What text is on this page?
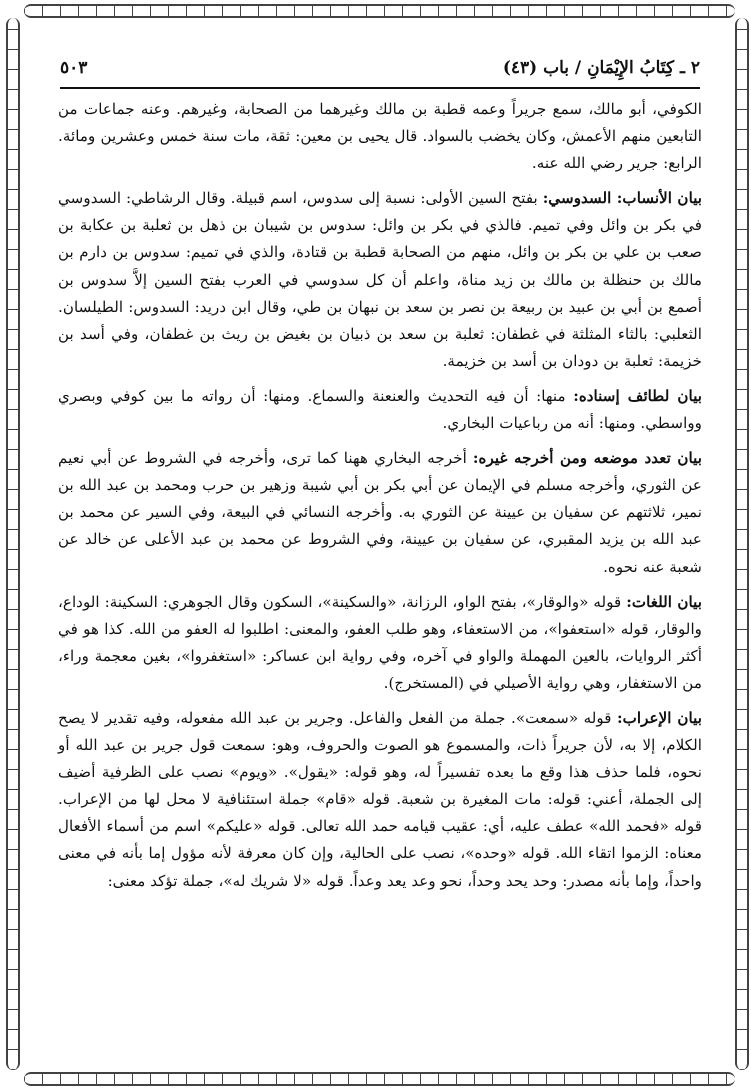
٢ ـ كِتَابُ الإِيْمَانِ / باب (٤٣)
٥٠٣

الكوفي، أبو مالك، سمع جريراً وعمه قطبة بن مالك وغيرهما من الصحابة، وغيرهم. وعنه جماعات من التابعين منهم الأعمش، وكان يخضب بالسواد. قال يحيى بن معين: ثقة، مات سنة خمس وعشرين ومائة. الرابع: جرير رضي الله عنه.

بيان الأنساب: السدوسي: بفتح السين الأولى: نسبة إلى سدوس، اسم قبيلة. وقال الرشاطي: السدوسي في بكر بن وائل وفي تميم. فالذي في بكر بن وائل: سدوس بن شيبان بن ذهل بن ثعلبة بن عكابة بن صعب بن علي بن بكر بن وائل، منهم من الصحابة قطبة بن قتادة، والذي في تميم: سدوس بن دارم بن مالك بن حنظلة بن مالك بن زيد مناة، واعلم أن كل سدوسي في العرب بفتح السين إلاَّ سدوس بن أصمع بن أبي بن عبيد بن ربيعة بن نصر بن سعد بن نبهان بن طي، وقال ابن دريد: السدوس: الطيلسان. الثعلبي: بالثاء المثلثة في غطفان: ثعلبة بن سعد بن ذبيان بن بغيض بن ريث بن غطفان، وفي أسد بن خزيمة: ثعلبة بن دودان بن أسد بن خزيمة.

بيان لطائف إسناده: منها: أن فيه التحديث والعنعنة والسماع. ومنها: أن رواته ما بين كوفي وبصري وواسطي. ومنها: أنه من رباعيات البخاري.

بيان تعدد موضعه ومن أخرجه غيره: أخرجه البخاري ههنا كما ترى، وأخرجه في الشروط عن أبي نعيم عن الثوري، وأخرجه مسلم في الإيمان عن أبي بكر بن أبي شيبة وزهير بن حرب ومحمد بن عبد الله بن نمير، ثلاثتهم عن سفيان بن عيينة عن الثوري به. وأخرجه النسائي في البيعة، وفي السير عن محمد بن عبد الله بن يزيد المقبري، عن سفيان بن عيينة، وفي الشروط عن محمد بن عبد الأعلى عن خالد عن شعبة عنه نحوه.

بيان اللغات: قوله «والوقار»، بفتح الواو، الرزانة، «والسكينة»، السكون وقال الجوهري: السكينة: الوداع، والوقار، قوله «استعفوا»، من الاستعفاء، وهو طلب العفو، والمعنى: اطلبوا له العفو من الله. كذا هو في أكثر الروايات، بالعين المهملة والواو في آخره، وفي رواية ابن عساكر: «استغفروا»، بغين معجمة وراء، من الاستغفار، وهي رواية الأصيلي في (المستخرج).

بيان الإعراب: قوله «سمعت». جملة من الفعل والفاعل. وجرير بن عبد الله مفعوله، وفيه تقدير لا يصح الكلام، إلا به، لأن جريراً ذات، والمسموع هو الصوت والحروف، وهو: سمعت قول جرير بن عبد الله أو نحوه، فلما حذف هذا وقع ما بعده تفسيراً له، وهو قوله: «يقول». «ويوم» نصب على الظرفية أضيف إلى الجملة، أعني: قوله: مات المغيرة بن شعبة. قوله «قام» جملة استئنافية لا محل لها من الإعراب. قوله «فحمد الله» عطف عليه، أي: عقيب قيامه حمد الله تعالى. قوله «عليكم» اسم من أسماء الأفعال معناه: الزموا اتقاء الله. قوله «وحده»، نصب على الحالية، وإن كان معرفة لأنه مؤول إما بأنه في معنى واحداً، وإما بأنه مصدر: وحد يحد وحداً، نحو وعد يعد وعداً. قوله «لا شريك له»، جملة تؤكد معنى:
